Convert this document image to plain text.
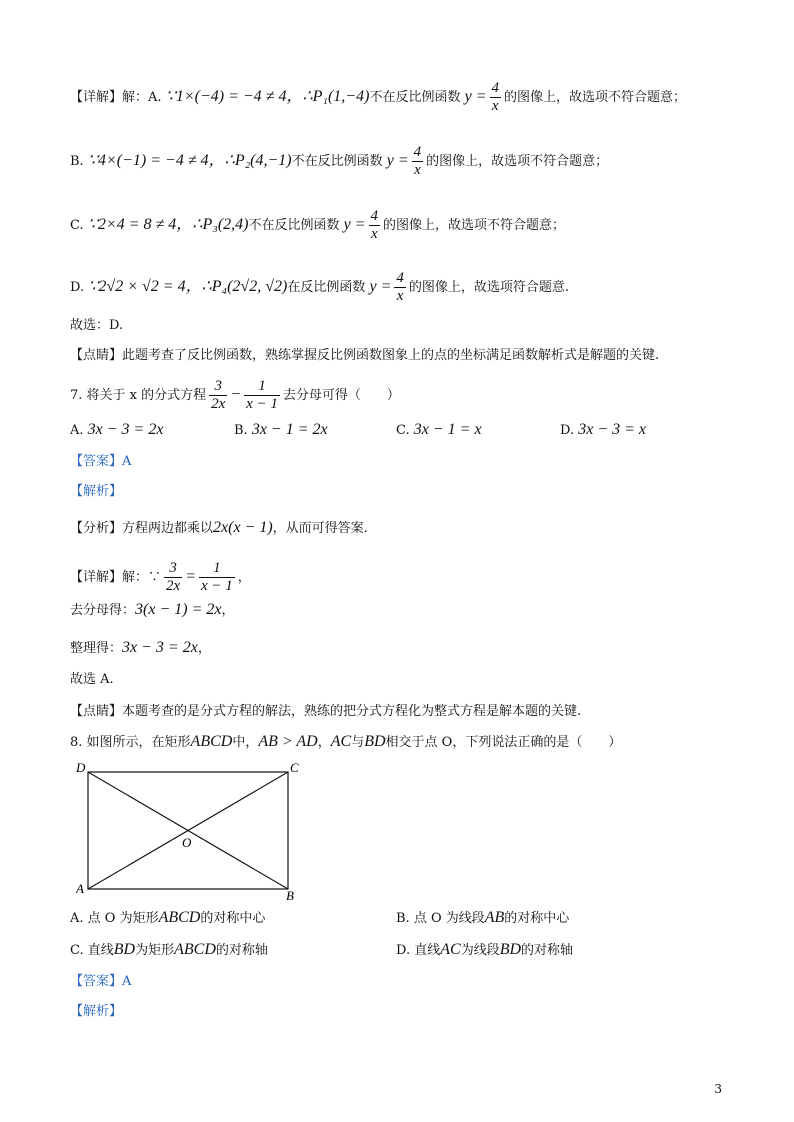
【详解】解：A. ∵1×(−4) = −4 ≠ 4，∴P₁(1,−4)不在反比例函数 $y = \frac{4}{x}$ 的图像上，故选项不符合题意；
B. ∵4×(−1) = −4 ≠ 4，∴P₂(4,−1)不在反比例函数 $y = \frac{4}{x}$ 的图像上，故选项不符合题意；
C. ∵2×4 = 8 ≠ 4，∴P₃(2,4)不在反比例函数 $y = \frac{4}{x}$ 的图像上，故选项不符合题意；
D. ∵2√2 × √2 = 4，∴P₄(2√2, √2)在反比例函数 $y = \frac{4}{x}$ 的图像上，故选项符合题意.
故选：D.
【点睛】此题考查了反比例函数，熟练掌握反比例函数图象上的点的坐标满足函数解析式是解题的关键.
7. 将关于 x 的分式方程 $\frac{3}{2x} - \frac{1}{x - 1}$ 去分母可得（　　）
A. 3x − 3 = 2x	B. 3x − 1 = 2x	C. 3x − 1 = x	D. 3x − 3 = x
【答案】A
【解析】
【分析】方程两边都乘以2x(x − 1)，从而可得答案.
【详解】解：∵ $\frac{3}{2x} = \frac{1}{x - 1}$ ，
去分母得：3(x − 1) = 2x，
整理得：3x − 3 = 2x，
故选 A.
【点睛】本题考查的是分式方程的解法，熟练的把分式方程化为整式方程是解本题的关键.
8. 如图所示，在矩形ABCD中，AB > AD，AC与BD相交于点 O，下列说法正确的是（　　）
D	C
A	B
O
A. 点 O 为矩形ABCD的对称中心	B. 点 O 为线段AB的对称中心
C. 直线BD为矩形ABCD的对称轴	D. 直线AC为线段BD的对称轴
【答案】A
【解析】
3
